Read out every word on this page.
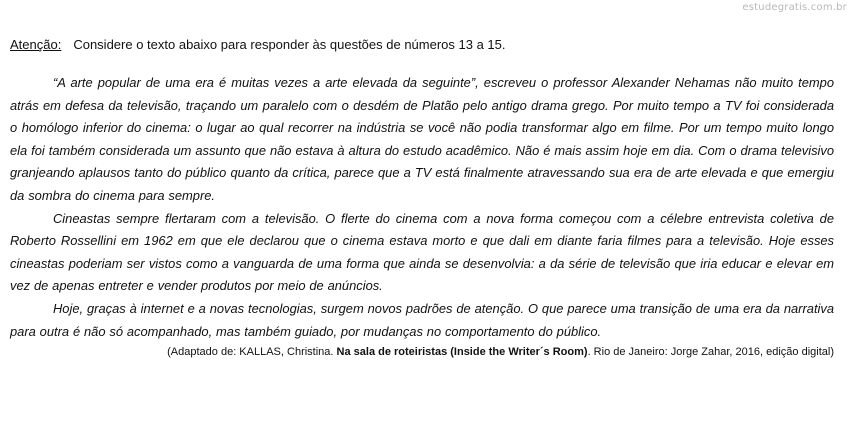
estudegratis.com.br
Atenção: Considere o texto abaixo para responder às questões de números 13 a 15.

“A arte popular de uma era é muitas vezes a arte elevada da seguinte”, escreveu o professor Alexander Nehamas não muito tempo atrás em defesa da televisão, traçando um paralelo com o desdém de Platão pelo antigo drama grego. Por muito tempo a TV foi considerada o homólogo inferior do cinema: o lugar ao qual recorrer na indústria se você não podia transformar algo em filme. Por um tempo muito longo ela foi também considerada um assunto que não estava à altura do estudo acadêmico. Não é mais assim hoje em dia. Com o drama televisivo granjeando aplausos tanto do público quanto da crítica, parece que a TV está finalmente atravessando sua era de arte elevada e que emergiu da sombra do cinema para sempre.

Cineastas sempre flertaram com a televisão. O flerte do cinema com a nova forma começou com a célebre entrevista coletiva de Roberto Rossellini em 1962 em que ele declarou que o cinema estava morto e que dali em diante faria filmes para a televisão. Hoje esses cineastas poderiam ser vistos como a vanguarda de uma forma que ainda se desenvolvia: a da série de televisão que iria educar e elevar em vez de apenas entreter e vender produtos por meio de anúncios.

Hoje, graças à internet e a novas tecnologias, surgem novos padrões de atenção. O que parece uma transição de uma era da narrativa para outra é não só acompanhado, mas também guiado, por mudanças no comportamento do público.

(Adaptado de: KALLAS, Christina. Na sala de roteiristas (Inside the Writer´s Room). Rio de Janeiro: Jorge Zahar, 2016, edição digital)
